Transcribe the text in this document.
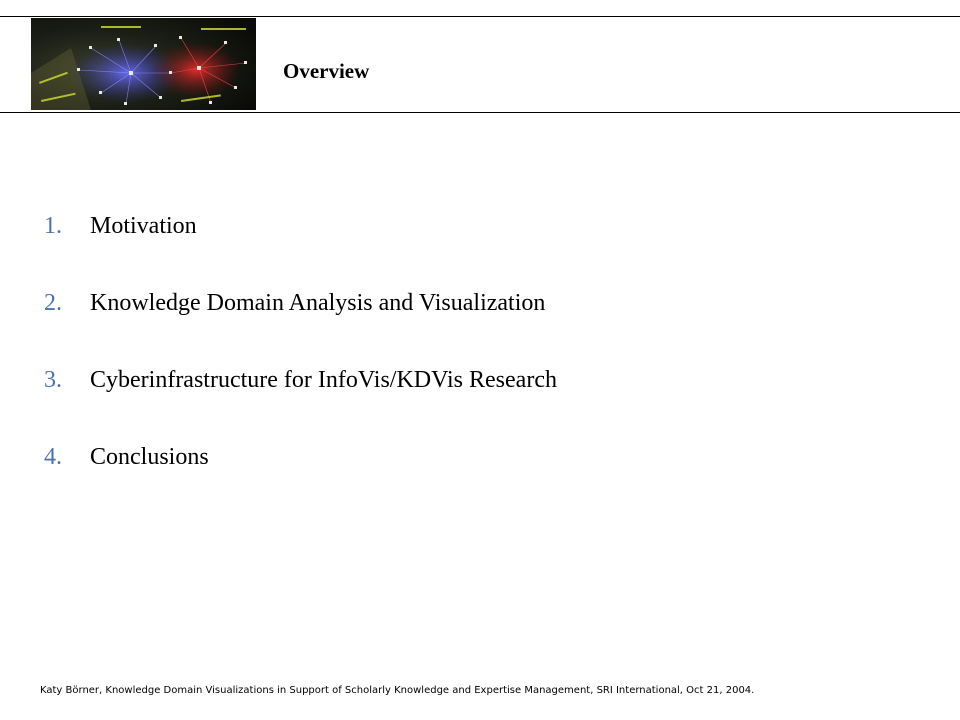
Overview
1.	Motivation
2.	Knowledge Domain Analysis and Visualization
3.	Cyberinfrastructure for InfoVis/KDVis Research
4.	Conclusions
Katy Börner, Knowledge Domain Visualizations in Support of Scholarly Knowledge and Expertise Management, SRI International, Oct 21, 2004.
